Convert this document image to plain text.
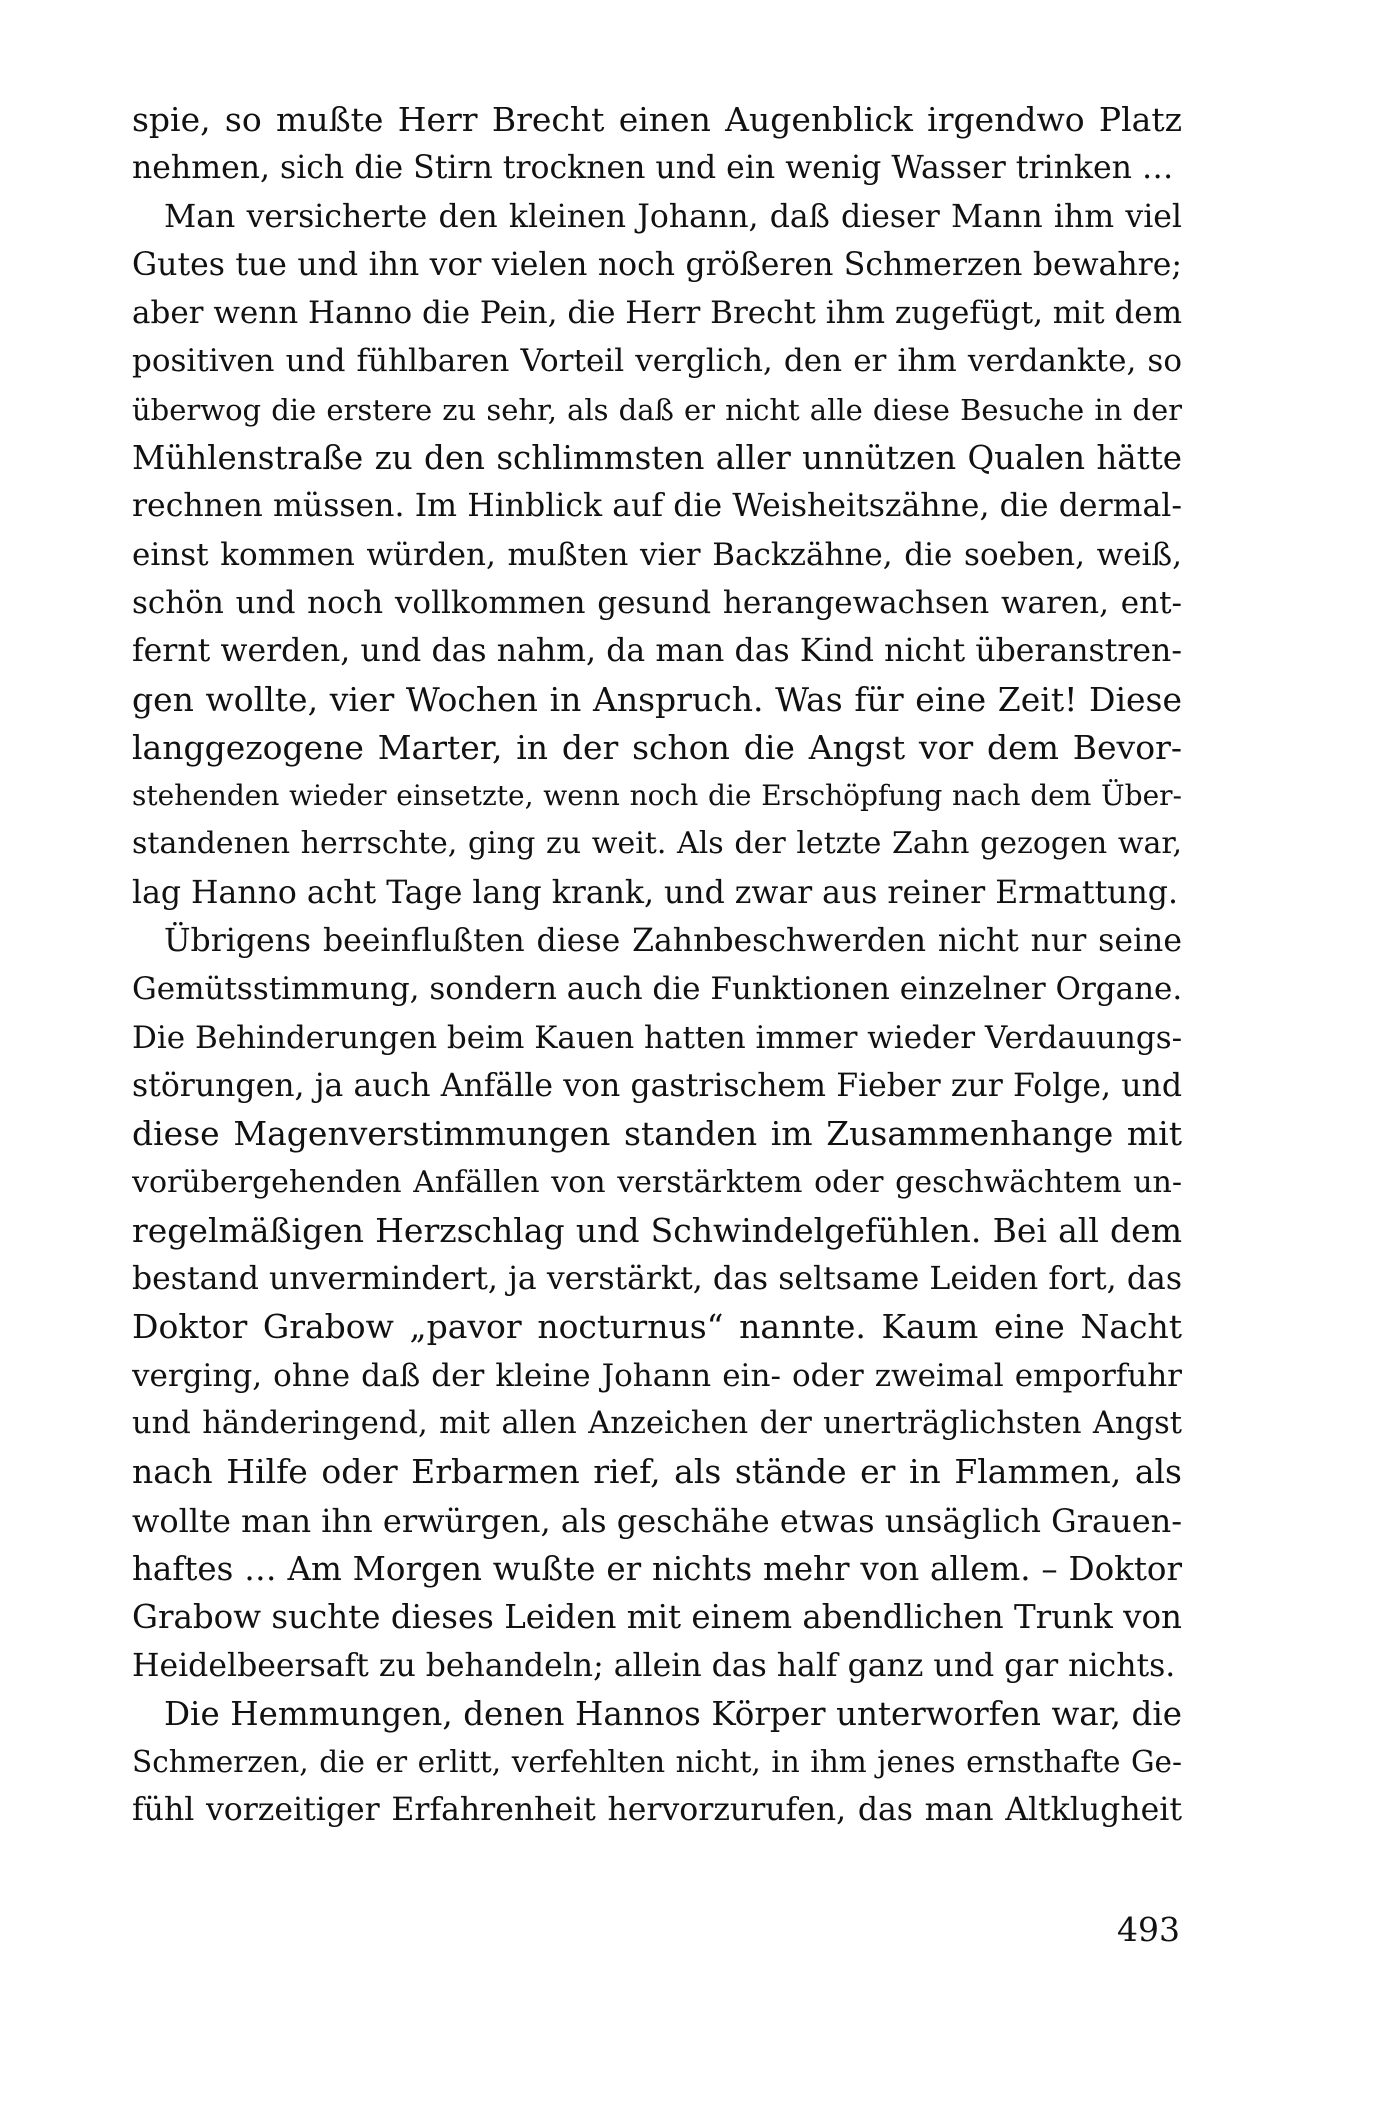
spie, so mußte Herr Brecht einen Augenblick irgendwo Platz
nehmen, sich die Stirn trocknen und ein wenig Wasser trinken …

Man versicherte den kleinen Johann, daß dieser Mann ihm viel
Gutes tue und ihn vor vielen noch größeren Schmerzen bewahre;
aber wenn Hanno die Pein, die Herr Brecht ihm zugefügt, mit dem
positiven und fühlbaren Vorteil verglich, den er ihm verdankte, so
überwog die erstere zu sehr, als daß er nicht alle diese Besuche in der
Mühlenstraße zu den schlimmsten aller unnützen Qualen hätte
rechnen müssen. Im Hinblick auf die Weisheitszähne, die dermal-
einst kommen würden, mußten vier Backzähne, die soeben, weiß,
schön und noch vollkommen gesund herangewachsen waren, ent-
fernt werden, und das nahm, da man das Kind nicht überanstren-
gen wollte, vier Wochen in Anspruch. Was für eine Zeit! Diese
langgezogene Marter, in der schon die Angst vor dem Bevor-
stehenden wieder einsetzte, wenn noch die Erschöpfung nach dem Über-
standenen herrschte, ging zu weit. Als der letzte Zahn gezogen war,
lag Hanno acht Tage lang krank, und zwar aus reiner Ermattung.

Übrigens beeinflußten diese Zahnbeschwerden nicht nur seine
Gemütsstimmung, sondern auch die Funktionen einzelner Organe.
Die Behinderungen beim Kauen hatten immer wieder Verdauungs-
störungen, ja auch Anfälle von gastrischem Fieber zur Folge, und
diese Magenverstimmungen standen im Zusammenhange mit
vorübergehenden Anfällen von verstärktem oder geschwächtem un-
regelmäßigen Herzschlag und Schwindelgefühlen. Bei all dem
bestand unvermindert, ja verstärkt, das seltsame Leiden fort, das
Doktor Grabow „pavor nocturnus“ nannte. Kaum eine Nacht
verging, ohne daß der kleine Johann ein- oder zweimal emporfuhr
und händeringend, mit allen Anzeichen der unerträglichsten Angst
nach Hilfe oder Erbarmen rief, als stände er in Flammen, als
wollte man ihn erwürgen, als geschähe etwas unsäglich Grauen-
haftes … Am Morgen wußte er nichts mehr von allem. – Doktor
Grabow suchte dieses Leiden mit einem abendlichen Trunk von
Heidelbeersaft zu behandeln; allein das half ganz und gar nichts.

Die Hemmungen, denen Hannos Körper unterworfen war, die
Schmerzen, die er erlitt, verfehlten nicht, in ihm jenes ernsthafte Ge-
fühl vorzeitiger Erfahrenheit hervorzurufen, das man Altklugheit

493
